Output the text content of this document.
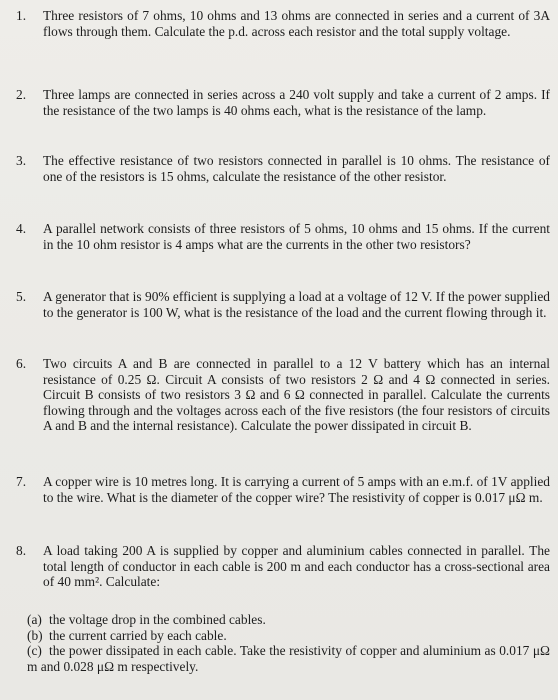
1.	Three resistors of 7 ohms, 10 ohms and 13 ohms are connected in series and a current of 3A flows through them. Calculate the p.d. across each resistor and the total supply voltage.
2.	Three lamps are connected in series across a 240 volt supply and take a current of 2 amps. If the resistance of the two lamps is 40 ohms each, what is the resistance of the lamp.
3.	The effective resistance of two resistors connected in parallel is 10 ohms. The resistance of one of the resistors is 15 ohms, calculate the resistance of the other resistor.
4.	A parallel network consists of three resistors of 5 ohms, 10 ohms and 15 ohms. If the current in the 10 ohm resistor is 4 amps what are the currents in the other two resistors?
5.	A generator that is 90% efficient is supplying a load at a voltage of 12 V. If the power supplied to the generator is 100 W, what is the resistance of the load and the current flowing through it.
6.	Two circuits A and B are connected in parallel to a 12 V battery which has an internal resistance of 0.25 Ω. Circuit A consists of two resistors 2 Ω and 4 Ω connected in series. Circuit B consists of two resistors 3 Ω and 6 Ω connected in parallel. Calculate the currents flowing through and the voltages across each of the five resistors (the four resistors of circuits A and B and the internal resistance). Calculate the power dissipated in circuit B.
7.	A copper wire is 10 metres long. It is carrying a current of 5 amps with an e.m.f. of 1V applied to the wire. What is the diameter of the copper wire? The resistivity of copper is 0.017 μΩ m.
8.	A load taking 200 A is supplied by copper and aluminium cables connected in parallel. The total length of conductor in each cable is 200 m and each conductor has a cross-sectional area of 40 mm². Calculate:
(a) the voltage drop in the combined cables.
(b) the current carried by each cable.
(c) the power dissipated in each cable. Take the resistivity of copper and aluminium as 0.017 μΩ m and 0.028 μΩ m respectively.
